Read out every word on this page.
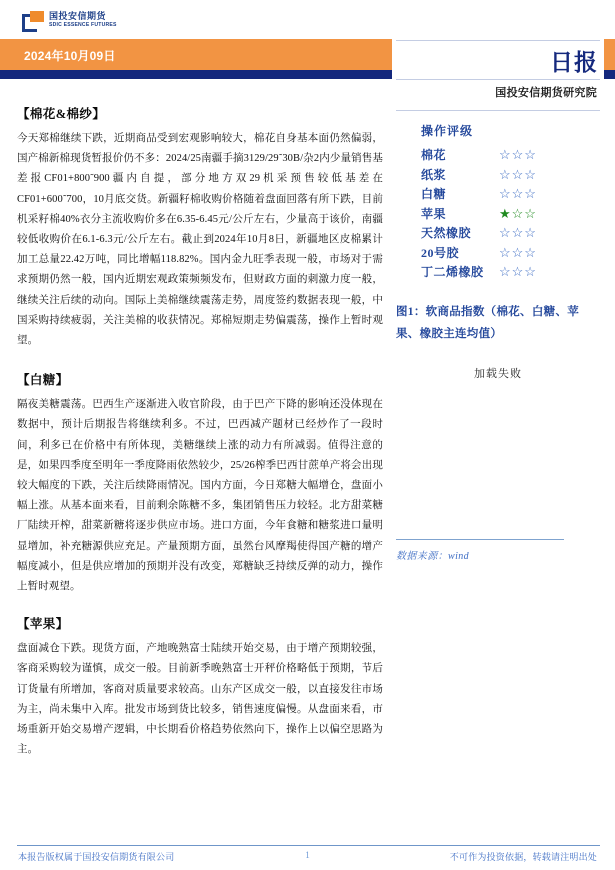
国投安信期货
SDIC ESSENCE FUTURES
2024年10月09日	日报
国投安信期货研究院
【棉花&棉纱】

今天郑棉继续下跌，近期商品受到宏观影响较大，棉花自身基本面仍然偏弱，国产棉新棉现货暂报价仍不多：2024/25南疆手摘3129/29˜30B/杂2内少量销售基差报CF01+800˜900疆内自提，部分地方双29机采预售较低基差在CF01+600˜700，10月底交货。新疆籽棉收购价格随着盘面回落有所下跌，目前机采籽棉40%衣分主流收购价多在6.35-6.45元/公斤左右，少量高于该价，南疆较低收购价在6.1-6.3元/公斤左右。截止到2024年10月8日，新疆地区皮棉累计加工总量22.42万吨，同比增幅118.82%。国内金九旺季表现一般，市场对于需求预期仍然一般，国内近期宏观政策频频发布，但财政方面的刺激力度一般，继续关注后续的动向。国际上美棉继续震荡走势，周度签约数据表现一般，中国采购持续疲弱，关注美棉的收获情况。郑棉短期走势偏震荡，操作上暂时观望。

【白糖】

隔夜美糖震荡。巴西生产逐渐进入收官阶段，由于巴产下降的影响还没体现在数据中，预计后期报告将继续利多。不过，巴西减产题材已经炒作了一段时间，利多已在价格中有所体现，美糖继续上涨的动力有所减弱。值得注意的是，如果四季度至明年一季度降雨依然较少，25/26榨季巴西甘蔗单产将会出现较大幅度的下跌，关注后续降雨情况。国内方面，今日郑糖大幅增仓，盘面小幅上涨。从基本面来看，目前剩余陈糖不多，集团销售压力较轻。北方甜菜糖厂陆续开榨，甜菜新糖将逐步供应市场。进口方面，今年食糖和糖浆进口量明显增加，补充糖源供应充足。产量预期方面，虽然台风摩羯使得国产糖的增产幅度减小，但是供应增加的预期并没有改变，郑糖缺乏持续反弹的动力，操作上暂时观望。

【苹果】

盘面减仓下跌。现货方面，产地晚熟富士陆续开始交易，由于增产预期较强，客商采购较为谨慎，成交一般。目前新季晚熟富士开秤价格略低于预期，节后订货量有所增加，客商对质量要求较高。山东产区成交一般，以直接发往市场为主，尚未集中入库。批发市场到货比较多，销售速度偏慢。从盘面来看，市场重新开始交易增产逻辑，中长期看价格趋势依然向下，操作上以偏空思路为主。

操作评级
棉花	☆☆☆
纸浆	☆☆☆
白糖	☆☆☆
苹果	★☆☆
天然橡胶	☆☆☆
20号胶	☆☆☆
丁二烯橡胶	☆☆☆
图1：软商品指数（棉花、白糖、苹果、橡胶主连均值）
加载失败
数据来源：wind
本报告版权属于国投安信期货有限公司	1	不可作为投资依据，转载请注明出处
